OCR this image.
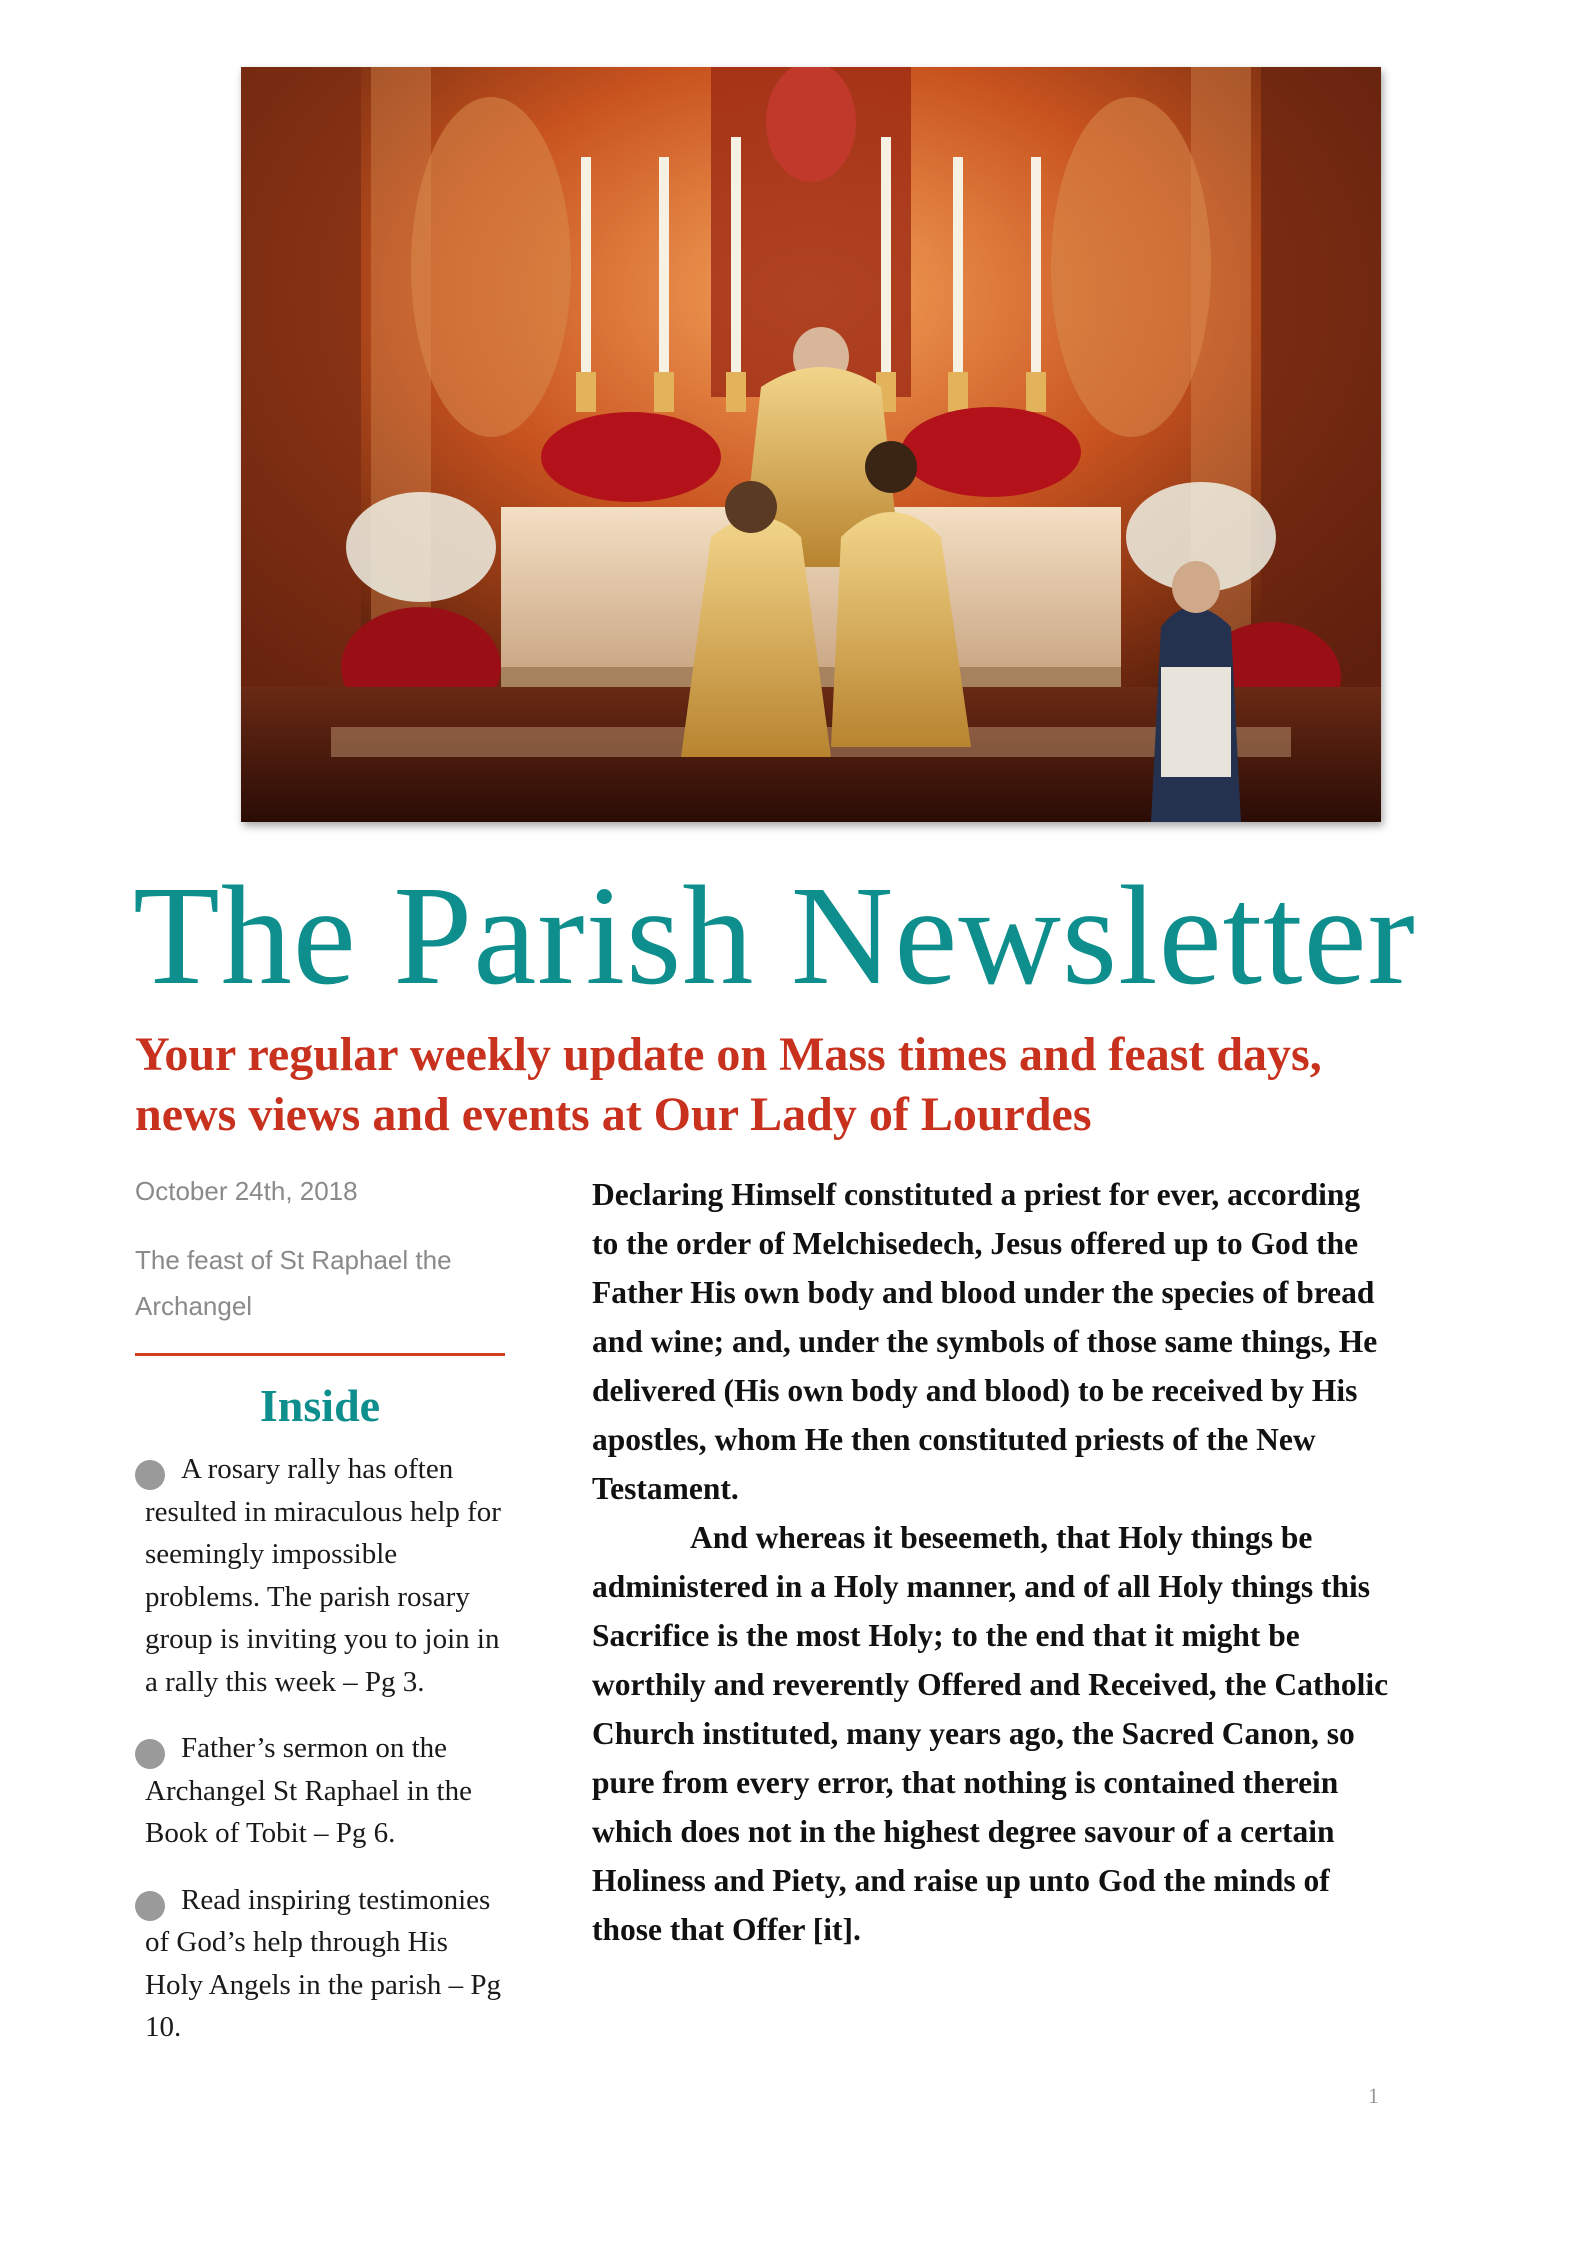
The Parish Newsletter
Your regular weekly update on Mass times and feast days, news views and events at Our Lady of Lourdes

October 24th, 2018

The feast of St Raphael the Archangel

Inside
A rosary rally has often resulted in miraculous help for seemingly impossible problems. The parish rosary group is inviting you to join in a rally this week – Pg 3.
Father’s sermon on the Archangel St Raphael in the Book of Tobit – Pg 6.
Read inspiring testimonies of God’s help through His Holy Angels in the parish – Pg 10.

Declaring Himself constituted a priest for ever, according to the order of Melchisedech, Jesus offered up to God the Father His own body and blood under the species of bread and wine; and, under the symbols of those same things, He delivered (His own body and blood) to be received by His apostles, whom He then constituted priests of the New Testament.

And whereas it beseemeth, that Holy things be administered in a Holy manner, and of all Holy things this Sacrifice is the most Holy; to the end that it might be worthily and reverently Offered and Received, the Catholic Church instituted, many years ago, the Sacred Canon, so pure from every error, that nothing is contained therein which does not in the highest degree savour of a certain Holiness and Piety, and raise up unto God the minds of those that Offer [it].

1
